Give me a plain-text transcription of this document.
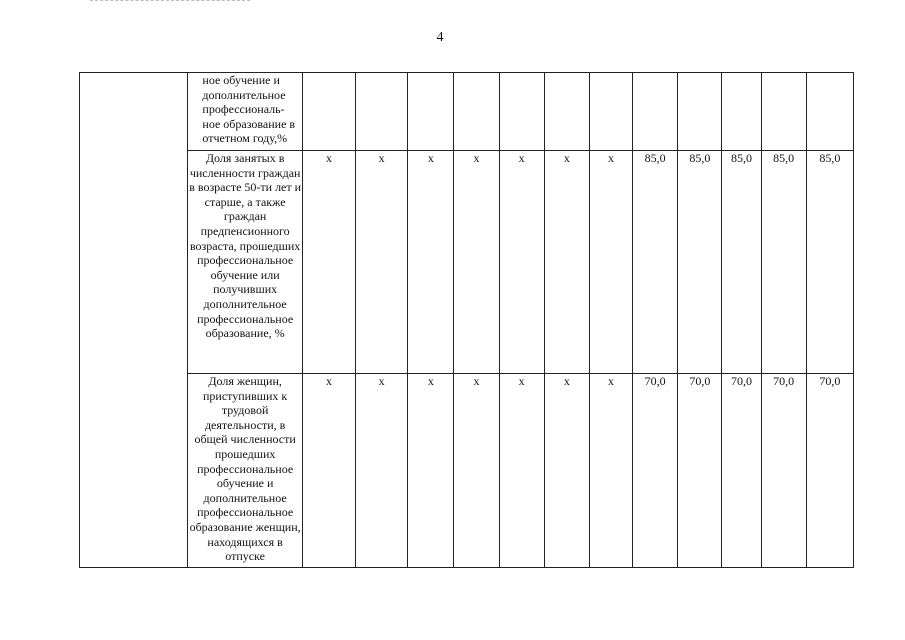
4
	ное обучение и дополнительное профессиональ- ное образование в отчетном году,%												
	Доля занятых в численности граждан в возрасте 50-ти лет и старше, а также граждан предпенсионного возраста, прошедших профессиональное обучение или получивших дополнительное профессиональное образование, %	x	x	x	x	x	x	x	85,0	85,0	85,0	85,0	85,0
	Доля женщин, приступивших к трудовой деятельности, в общей численности прошедших профессиональное обучение и дополнительное профессиональное образование женщин, находящихся в отпуске	x	x	x	x	x	x	x	70,0	70,0	70,0	70,0	70,0
